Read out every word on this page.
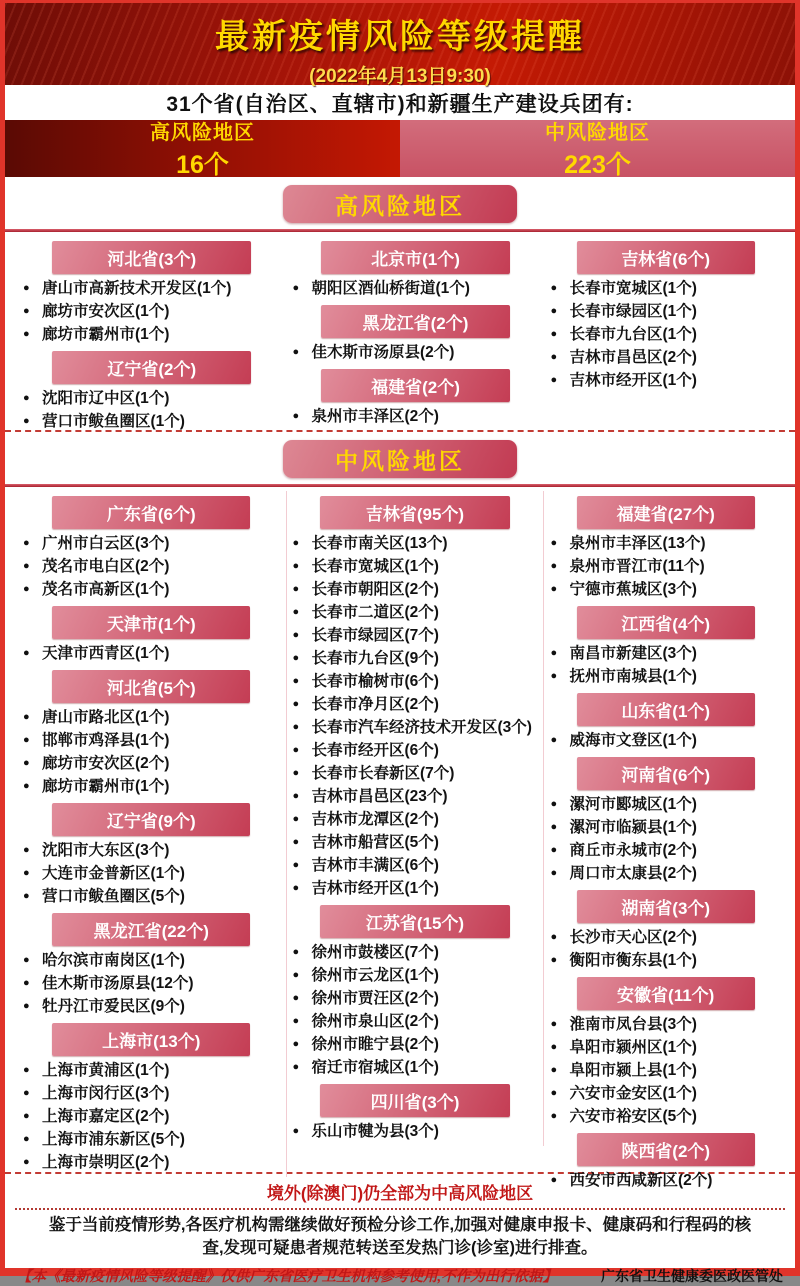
最新疫情风险等级提醒
(2022年4月13日9:30)
31个省(自治区、直辖市)和新疆生产建设兵团有:
高风险地区
16个
中风险地区
223个
高风险地区
河北省(3个)
● 唐山市高新技术开发区(1个)
● 廊坊市安次区(1个)
● 廊坊市霸州市(1个)
辽宁省(2个)
● 沈阳市辽中区(1个)
● 营口市鲅鱼圈区(1个)
北京市(1个)
● 朝阳区酒仙桥街道(1个)
黑龙江省(2个)
● 佳木斯市汤原县(2个)
福建省(2个)
● 泉州市丰泽区(2个)
吉林省(6个)
● 长春市宽城区(1个)
● 长春市绿园区(1个)
● 长春市九台区(1个)
● 吉林市昌邑区(2个)
● 吉林市经开区(1个)
中风险地区
广东省(6个)
● 广州市白云区(3个)
● 茂名市电白区(2个)
● 茂名市高新区(1个)
天津市(1个)
● 天津市西青区(1个)
河北省(5个)
● 唐山市路北区(1个)
● 邯郸市鸡泽县(1个)
● 廊坊市安次区(2个)
● 廊坊市霸州市(1个)
辽宁省(9个)
● 沈阳市大东区(3个)
● 大连市金普新区(1个)
● 营口市鲅鱼圈区(5个)
黑龙江省(22个)
● 哈尔滨市南岗区(1个)
● 佳木斯市汤原县(12个)
● 牡丹江市爱民区(9个)
上海市(13个)
● 上海市黄浦区(1个)
● 上海市闵行区(3个)
● 上海市嘉定区(2个)
● 上海市浦东新区(5个)
● 上海市崇明区(2个)
吉林省(95个)
● 长春市南关区(13个)
● 长春市宽城区(1个)
● 长春市朝阳区(2个)
● 长春市二道区(2个)
● 长春市绿园区(7个)
● 长春市九台区(9个)
● 长春市榆树市(6个)
● 长春市净月区(2个)
● 长春市汽车经济技术开发区(3个)
● 长春市经开区(6个)
● 长春市长春新区(7个)
● 吉林市昌邑区(23个)
● 吉林市龙潭区(2个)
● 吉林市船营区(5个)
● 吉林市丰满区(6个)
● 吉林市经开区(1个)
江苏省(15个)
● 徐州市鼓楼区(7个)
● 徐州市云龙区(1个)
● 徐州市贾汪区(2个)
● 徐州市泉山区(2个)
● 徐州市睢宁县(2个)
● 宿迁市宿城区(1个)
四川省(3个)
● 乐山市犍为县(3个)
福建省(27个)
● 泉州市丰泽区(13个)
● 泉州市晋江市(11个)
● 宁德市蕉城区(3个)
江西省(4个)
● 南昌市新建区(3个)
● 抚州市南城县(1个)
山东省(1个)
● 威海市文登区(1个)
河南省(6个)
● 漯河市郾城区(1个)
● 漯河市临颍县(1个)
● 商丘市永城市(2个)
● 周口市太康县(2个)
湖南省(3个)
● 长沙市天心区(2个)
● 衡阳市衡东县(1个)
安徽省(11个)
● 淮南市凤台县(3个)
● 阜阳市颍州区(1个)
● 阜阳市颍上县(1个)
● 六安市金安区(1个)
● 六安市裕安区(5个)
陕西省(2个)
● 西安市西咸新区(2个)
境外(除澳门)仍全部为中高风险地区
鉴于当前疫情形势,各医疗机构需继续做好预检分诊工作,加强对健康申报卡、健康码和行程码的核查,发现可疑患者规范转送至发热门诊(诊室)进行排查。
【本《最新疫情风险等级提醒》仅供广东省医疗卫生机构参考使用,不作为出行依据】	广东省卫生健康委医政医管处
